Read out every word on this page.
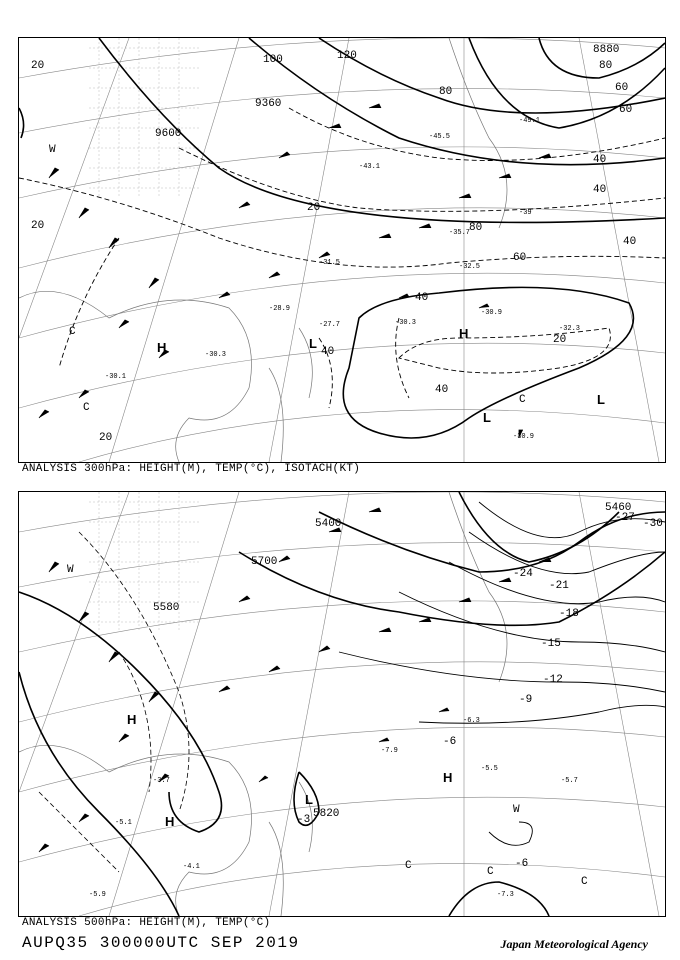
9600
9360
8880
20
20
40
40
40
60
60
80
80
100	120
20
40
60
80
20
40
40
20
-30.9
-32.3
-30.3
-30.3
-31.5
-43.1
-45.5
-49.1
-39
-35.7
-32.5
-28.9
-27.7
-30.1
-30.9
H
H	L
L
L
C
C
C
W
ANALYSIS 300hPa: HEIGHT(M), TEMP(°C), ISOTACH(KT)
5700
5460
5820
5400
5580
-27
-24
-21
-18
-15
-12
-9
-6
-6
-3
-30
-7.3
-5.5
-5.7
-4.1
-5.1
-6.3
-7.9
-3.7
-5.9
H
H
H
L
C
C
C
W
W
ANALYSIS 500hPa: HEIGHT(M), TEMP(°C)
AUPQ35 300000UTC SEP 2019	Japan Meteorological Agency
